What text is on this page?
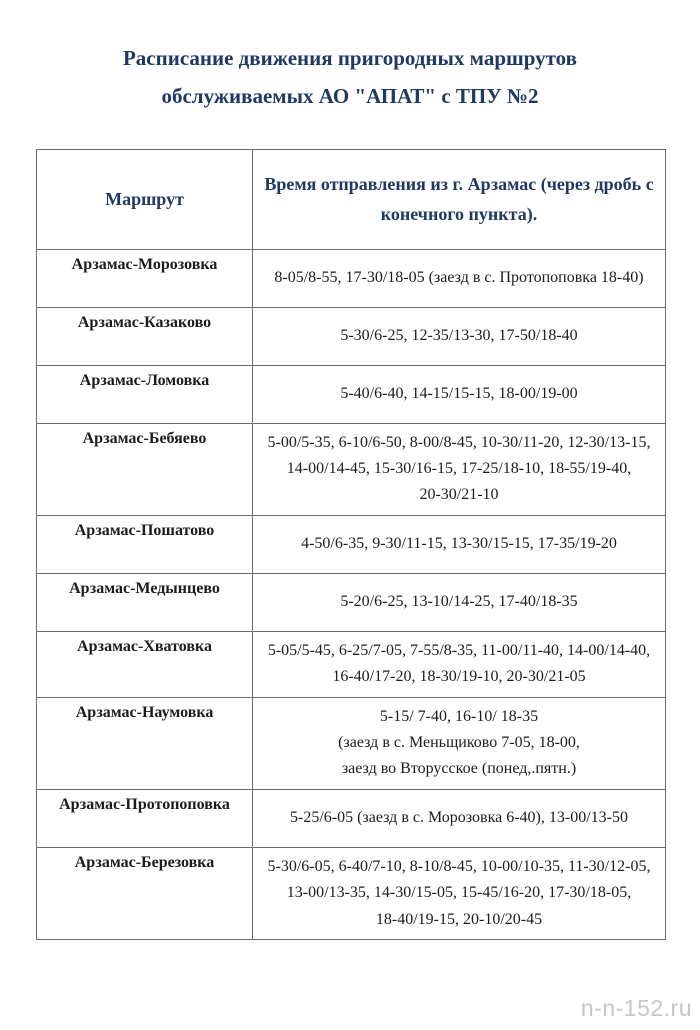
Расписание движения пригородных маршрутов
обслуживаемых АО "АПАТ" с ТПУ №2
Маршрут	Время отправления из г. Арзамас (через дробь с конечного пункта).
Арзамас-Морозовка	8-05/8-55, 17-30/18-05 (заезд в с. Протопоповка 18-40)

Арзамас-Казаково	5-30/6-25, 12-35/13-30, 17-50/18-40

Арзамас-Ломовка	5-40/6-40, 14-15/15-15, 18-00/19-00

Арзамас-Бебяево	5-00/5-35, 6-10/6-50, 8-00/8-45, 10-30/11-20, 12-30/13-15,
14-00/14-45, 15-30/16-15, 17-25/18-10, 18-55/19-40,
20-30/21-10

Арзамас-Пошатово	4-50/6-35, 9-30/11-15, 13-30/15-15, 17-35/19-20

Арзамас-Медынцево	5-20/6-25, 13-10/14-25, 17-40/18-35

Арзамас-Хватовка	5-05/5-45, 6-25/7-05, 7-55/8-35, 11-00/11-40, 14-00/14-40,
16-40/17-20, 18-30/19-10, 20-30/21-05

Арзамас-Наумовка	5-15/ 7-40, 16-10/ 18-35
(заезд в с. Меньщиково 7-05, 18-00,
заезд во Вторусское (понед,.пятн.)

Арзамас-Протопоповка	5-25/6-05 (заезд в с. Морозовка 6-40), 13-00/13-50

Арзамас-Березовка	5-30/6-05, 6-40/7-10, 8-10/8-45, 10-00/10-35, 11-30/12-05,
13-00/13-35, 14-30/15-05, 15-45/16-20, 17-30/18-05,
18-40/19-15, 20-10/20-45
n-n-152.ru
